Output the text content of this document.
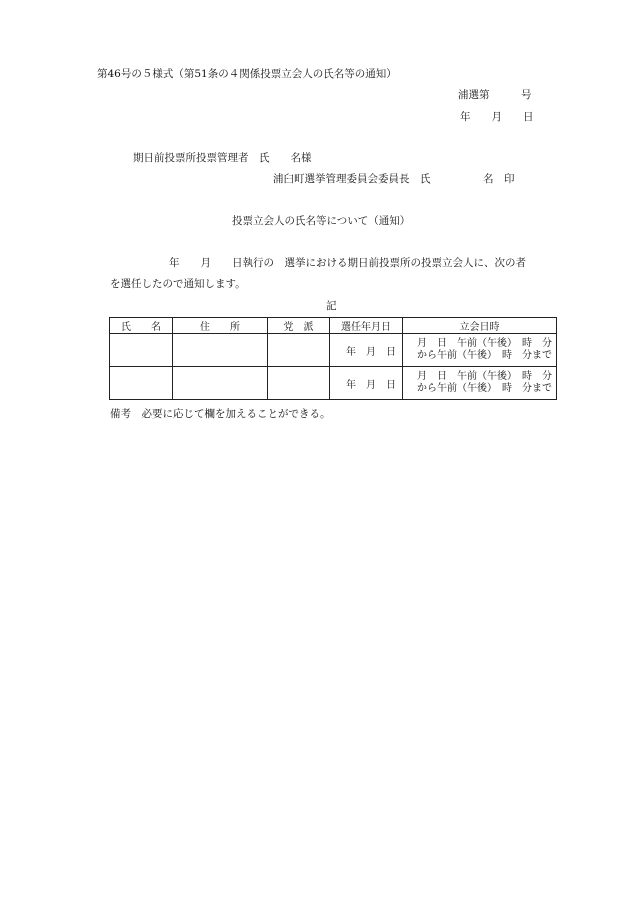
第46号の５様式（第51条の４関係投票立会人の氏名等の通知）
浦選第　　　号
年　　月　　日
期日前投票所投票管理者　氏　　名様
浦臼町選挙管理委員会委員長　氏　　　　　名　印
投票立会人の氏名等について（通知）
年　　月　　日執行の　選挙における期日前投票所の投票立会人に、次の者
を選任したので通知します。
記
氏　　名	住　　所	党　派	選任年月日	立会日時
			年　月　日	月　日　午前（午後）　時　分
から午前（午後）　時　分まで

			年　月　日	月　日　午前（午後）　時　分
から午前（午後）　時　分まで
備考　必要に応じて欄を加えることができる。
